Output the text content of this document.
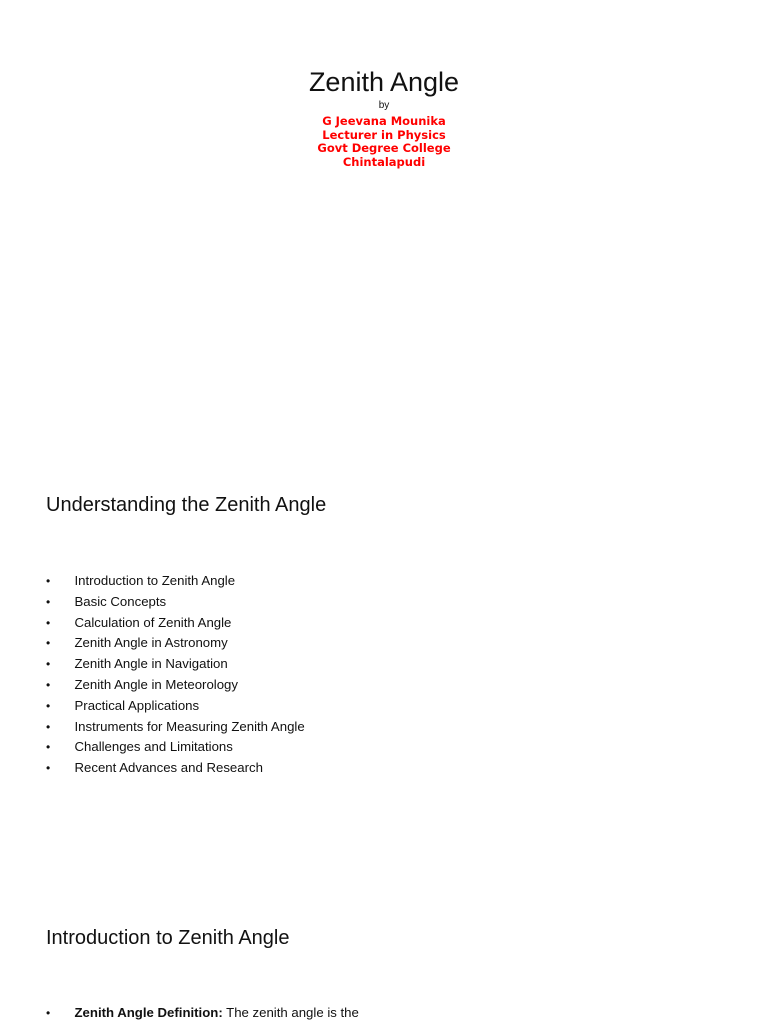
Zenith Angle
by
G Jeevana Mounika
Lecturer in Physics
Govt Degree College
Chintalapudi
Understanding the Zenith Angle
• Introduction to Zenith Angle
• Basic Concepts
• Calculation of Zenith Angle
• Zenith Angle in Astronomy
• Zenith Angle in Navigation
• Zenith Angle in Meteorology
• Practical Applications
• Instruments for Measuring Zenith Angle
• Challenges and Limitations
• Recent Advances and Research
Introduction to Zenith Angle
• Zenith Angle Definition: The zenith angle is the
